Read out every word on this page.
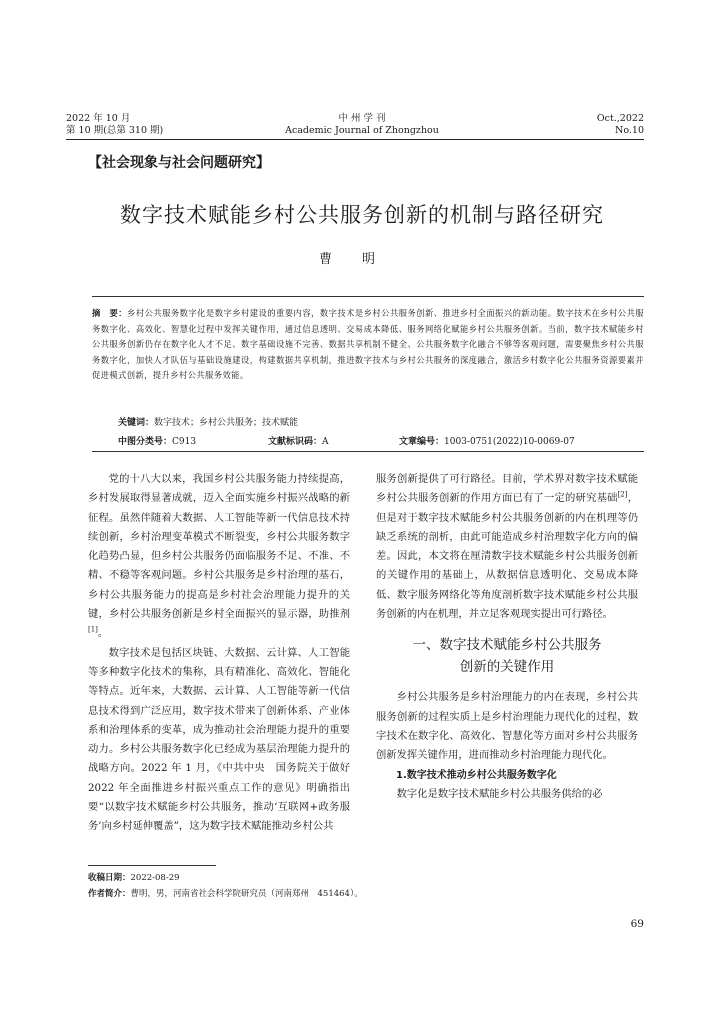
2022 年 10 月
第 10 期(总第 310 期)
中 州 学 刊
Academic Journal of Zhongzhou
Oct.,2022
No.10
【社会现象与社会问题研究】
数字技术赋能乡村公共服务创新的机制与路径研究
曹明
摘　要：乡村公共服务数字化是数字乡村建设的重要内容，数字技术是乡村公共服务创新、推进乡村全面振兴的新动能。数字技术在乡村公共服务数字化、高效化、智慧化过程中发挥关键作用，通过信息透明、交易成本降低、服务网络化赋能乡村公共服务创新。当前，数字技术赋能乡村公共服务创新仍存在数字化人才不足、数字基础设施不完善、数据共享机制不健全、公共服务数字化融合不够等客观问题，需要聚焦乡村公共服务数字化，加快人才队伍与基础设施建设，构建数据共享机制，推进数字技术与乡村公共服务的深度融合，激活乡村数字化公共服务资源要素并促进模式创新，提升乡村公共服务效能。
关键词：数字技术；乡村公共服务；技术赋能
中图分类号：C913	文献标识码：A	文章编号：1003-0751(2022)10-0069-07

党的十八大以来，我国乡村公共服务能力持续提高，乡村发展取得显著成就，迈入全面实施乡村振兴战略的新征程。虽然伴随着大数据、人工智能等新一代信息技术持续创新，乡村治理变革模式不断裂变，乡村公共服务数字化趋势凸显，但乡村公共服务仍面临服务不足、不准、不精、不稳等客观问题。乡村公共服务是乡村治理的基石，乡村公共服务能力的提高是乡村社会治理能力提升的关键，乡村公共服务创新是乡村全面振兴的显示器，助推剂[1]。

数字技术是包括区块链、大数据、云计算、人工智能等多种数字化技术的集称，具有精准化、高效化、智能化等特点。近年来，大数据、云计算、人工智能等新一代信息技术得到广泛应用，数字技术带来了创新体系、产业体系和治理体系的变革，成为推动社会治理能力提升的重要动力。乡村公共服务数字化已经成为基层治理能力提升的战略方向。2022 年 1 月，《中共中央　国务院关于做好 2022 年全面推进乡村振兴重点工作的意见》明确指出要“以数字技术赋能乡村公共服务，推动‘互联网+政务服务’向乡村延伸覆盖”，这为数字技术赋能推动乡村公共

服务创新提供了可行路径。目前，学术界对数字技术赋能乡村公共服务创新的作用方面已有了一定的研究基础[2]，但是对于数字技术赋能乡村公共服务创新的内在机理等仍缺乏系统的剖析，由此可能造成乡村治理数字化方向的偏差。因此，本文将在厘清数字技术赋能乡村公共服务创新的关键作用的基础上，从数据信息透明化、交易成本降低、数字服务网络化等角度剖析数字技术赋能乡村公共服务创新的内在机理，并立足客观现实提出可行路径。

一、数字技术赋能乡村公共服务
创新的关键作用

乡村公共服务是乡村治理能力的内在表现，乡村公共服务创新的过程实质上是乡村治理能力现代化的过程，数字技术在数字化、高效化、智慧化等方面对乡村公共服务创新发挥关键作用，进而推动乡村治理能力现代化。

1.数字技术推动乡村公共服务数字化

数字化是数字技术赋能乡村公共服务供给的必

收稿日期：2022-08-29
作者简介：曹明，男，河南省社会科学院研究员（河南郑州　451464）。
69
